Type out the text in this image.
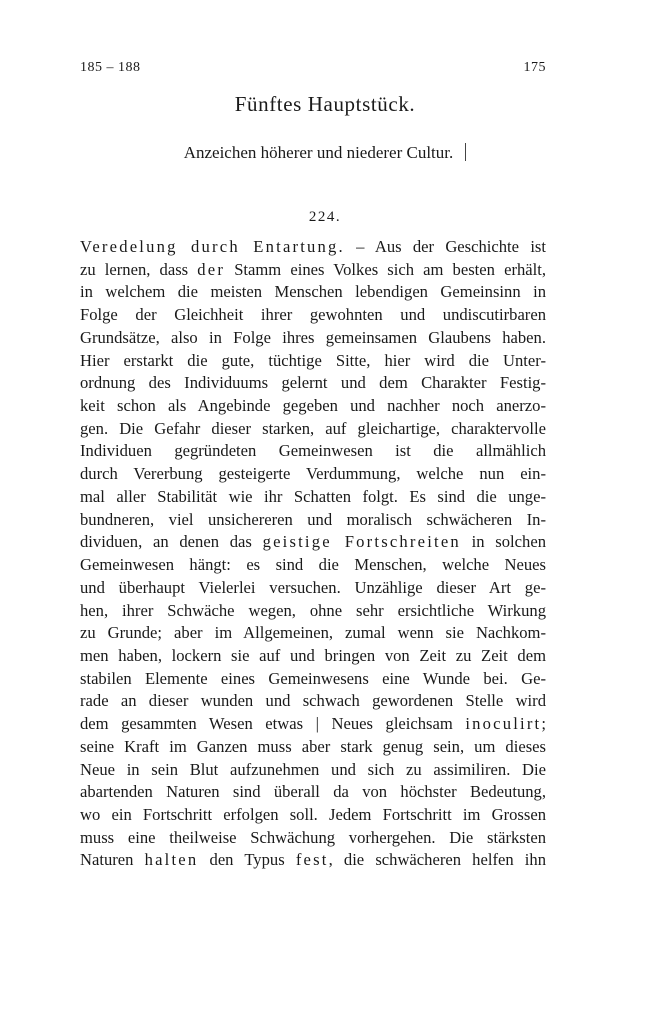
185 – 188	175
Fünftes Hauptstück.
Anzeichen höherer und niederer Cultur.
224.
Veredelung durch Entartung. – Aus der Geschichte ist
zu lernen, dass der Stamm eines Volkes sich am besten erhält,
in welchem die meisten Menschen lebendigen Gemeinsinn in
Folge der Gleichheit ihrer gewohnten und undiscutirbaren
Grundsätze, also in Folge ihres gemeinsamen Glaubens haben.
Hier erstarkt die gute, tüchtige Sitte, hier wird die Unter-
ordnung des Individuums gelernt und dem Charakter Festig-
keit schon als Angebinde gegeben und nachher noch anerzo-
gen. Die Gefahr dieser starken, auf gleichartige, charaktervolle
Individuen gegründeten Gemeinwesen ist die allmählich
durch Vererbung gesteigerte Verdummung, welche nun ein-
mal aller Stabilität wie ihr Schatten folgt. Es sind die unge-
bundneren, viel unsichereren und moralisch schwächeren In-
dividuen, an denen das geistige Fortschreiten in solchen
Gemeinwesen hängt: es sind die Menschen, welche Neues
und überhaupt Vielerlei versuchen. Unzählige dieser Art ge-
hen, ihrer Schwäche wegen, ohne sehr ersichtliche Wirkung
zu Grunde; aber im Allgemeinen, zumal wenn sie Nachkom-
men haben, lockern sie auf und bringen von Zeit zu Zeit dem
stabilen Elemente eines Gemeinwesens eine Wunde bei. Ge-
rade an dieser wunden und schwach gewordenen Stelle wird
dem gesammten Wesen etwas | Neues gleichsam inoculirt;
seine Kraft im Ganzen muss aber stark genug sein, um dieses
Neue in sein Blut aufzunehmen und sich zu assimiliren. Die
abartenden Naturen sind überall da von höchster Bedeutung,
wo ein Fortschritt erfolgen soll. Jedem Fortschritt im Grossen
muss eine theilweise Schwächung vorhergehen. Die stärksten
Naturen halten den Typus fest, die schwächeren helfen ihn
